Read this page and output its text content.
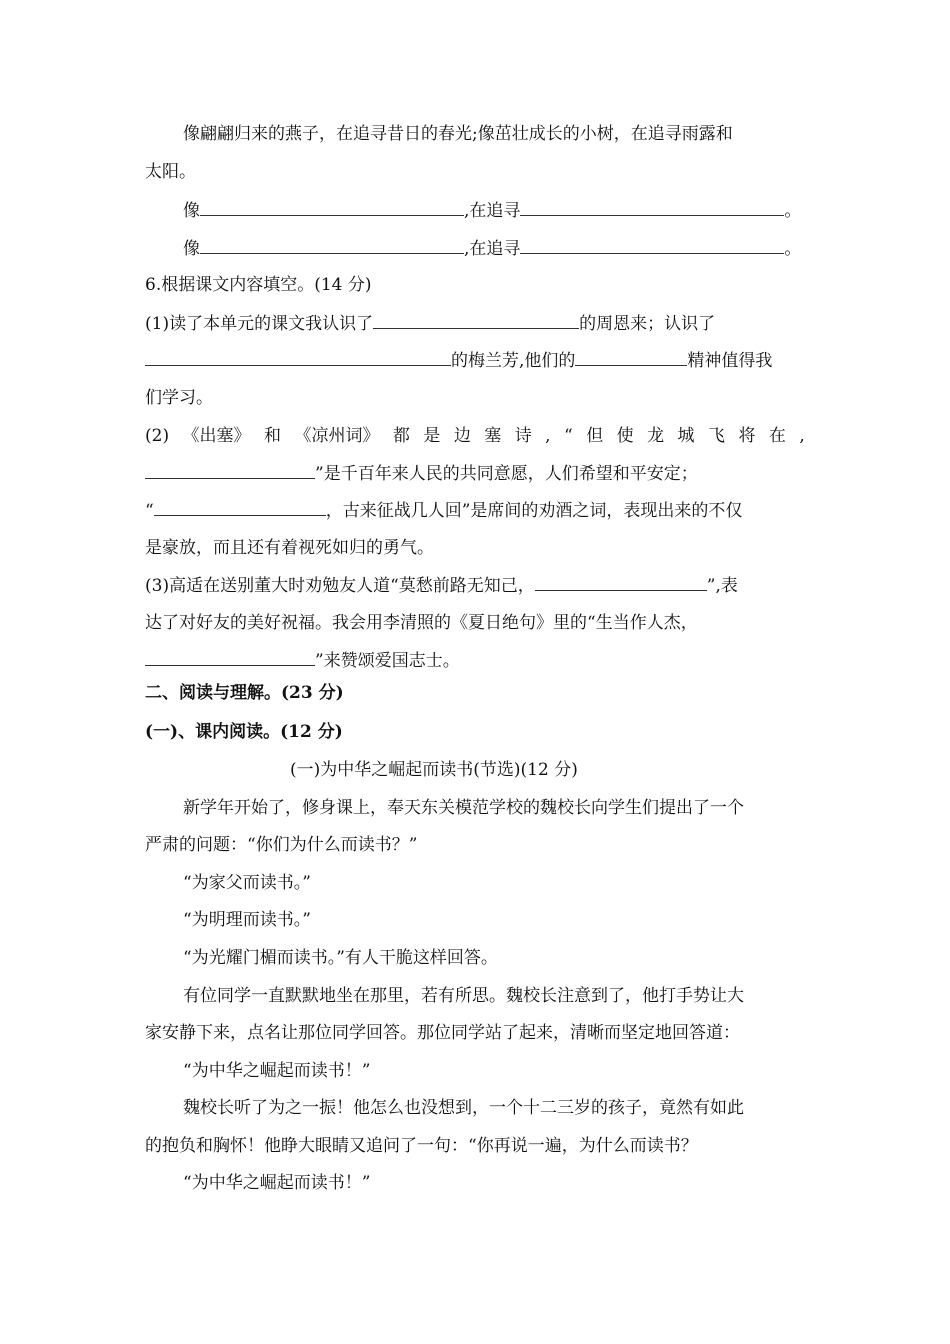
像翩翩归来的燕子，在追寻昔日的春光;像茁壮成长的小树，在追寻雨露和
太阳。
像	,在追寻	。
像	,在追寻	。
6.根据课文内容填空。(14 分)
(1)读了本单元的课文我认识了	的周恩来；认识了
的梅兰芳,他们的	精神值得我
们学习。
(2) 《出塞》 和 《凉州词》 都 是 边 塞 诗 , “ 但 使 龙 城 飞 将 在 ,
”是千百年来人民的共同意愿，人们希望和平安定；
“	，古来征战几人回”是席间的劝酒之词，表现出来的不仅
是豪放，而且还有着视死如归的勇气。
(3)高适在送别董大时劝勉友人道“莫愁前路无知己，	”,表
达了对好友的美好祝福。我会用李清照的《夏日绝句》里的“生当作人杰，
”来赞颂爱国志士。
二、阅读与理解。(23 分)
(一)、课内阅读。(12 分)
(一)为中华之崛起而读书(节选)(12 分)
新学年开始了，修身课上，奉天东关模范学校的魏校长向学生们提出了一个
严肃的问题：“你们为什么而读书？”
“为家父而读书。”
“为明理而读书。”
“为光耀门楣而读书。”有人干脆这样回答。
有位同学一直默默地坐在那里，若有所思。魏校长注意到了，他打手势让大
家安静下来，点名让那位同学回答。那位同学站了起来，清晰而坚定地回答道：
“为中华之崛起而读书！”
魏校长听了为之一振！他怎么也没想到，一个十二三岁的孩子，竟然有如此
的抱负和胸怀！他睁大眼睛又追问了一句：“你再说一遍，为什么而读书？
“为中华之崛起而读书！”
